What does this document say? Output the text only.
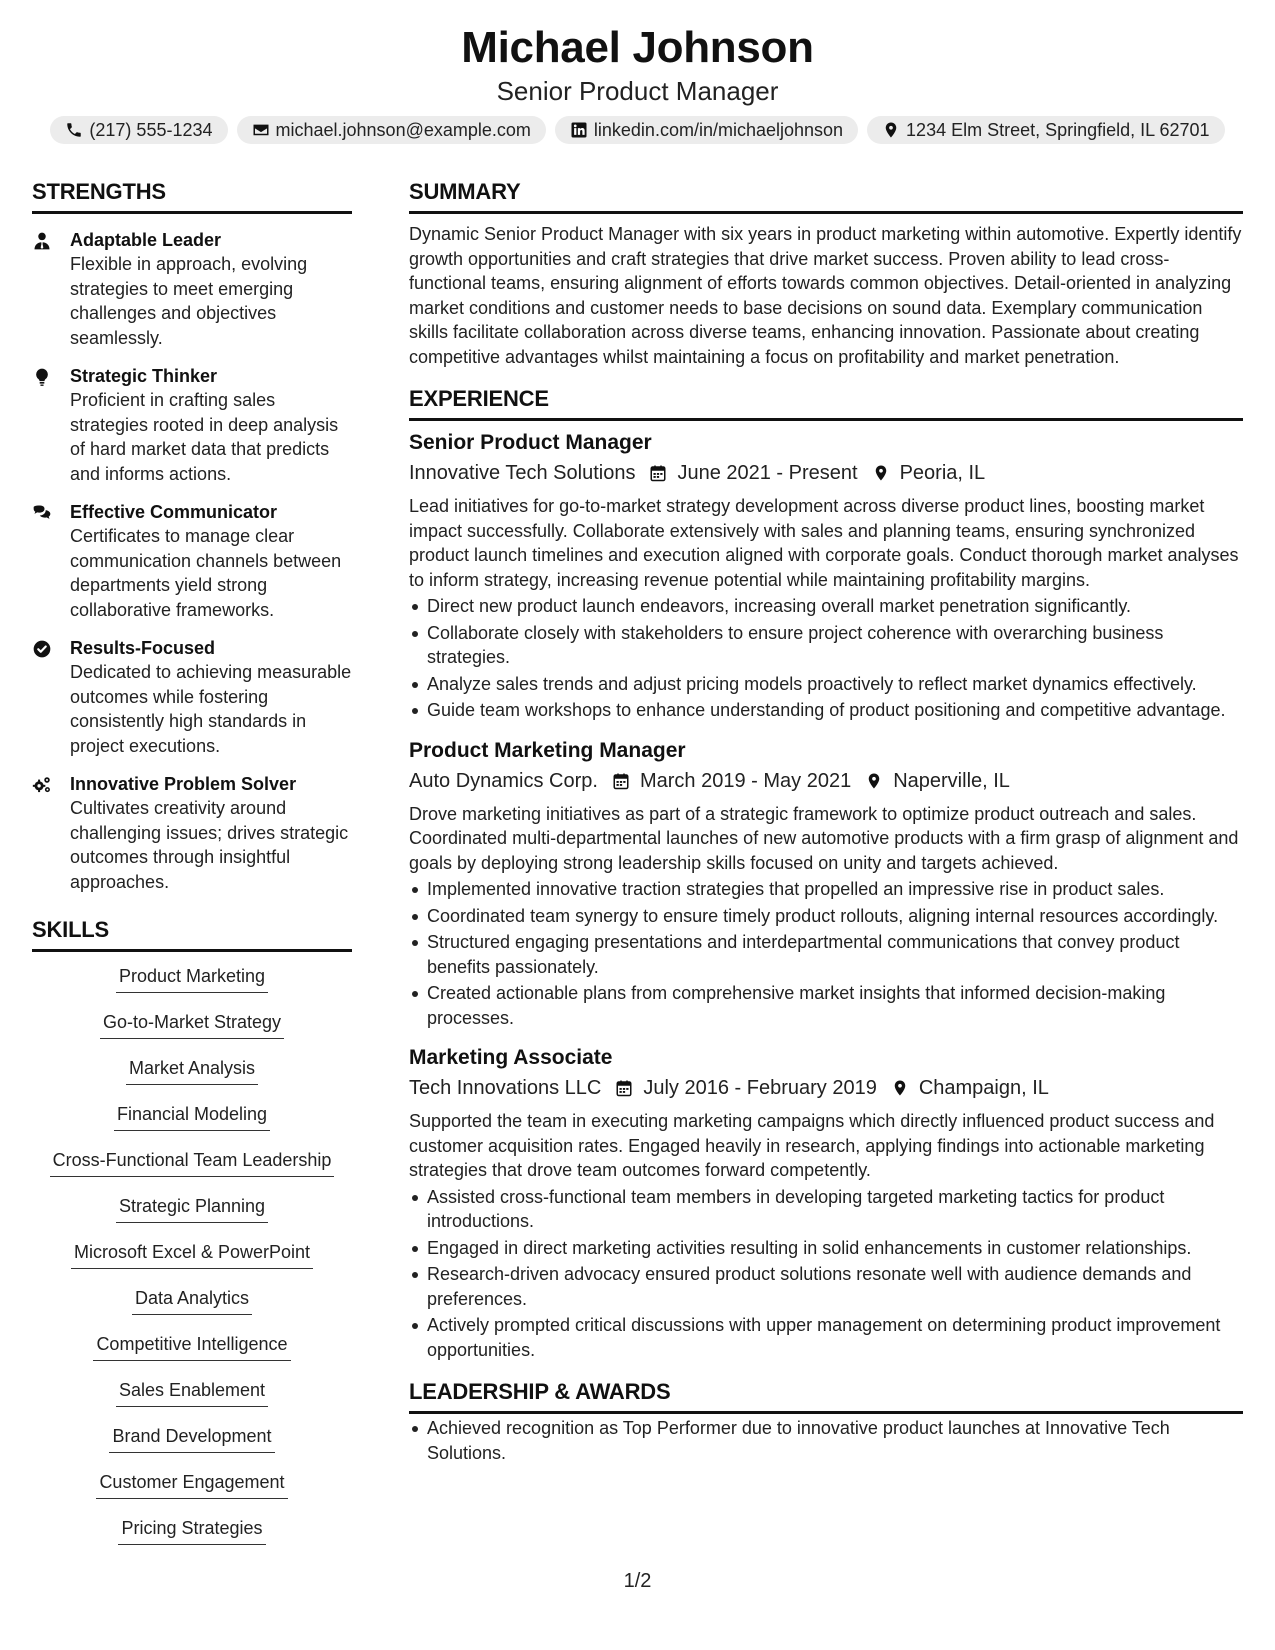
Michael Johnson
Senior Product Manager
(217) 555-1234	michael.johnson@example.com	linkedin.com/in/michaeljohnson	1234 Elm Street, Springfield, IL 62701
STRENGTHS
Adaptable Leader
Flexible in approach, evolving strategies to meet emerging challenges and objectives seamlessly.
Strategic Thinker
Proficient in crafting sales strategies rooted in deep analysis of hard market data that predicts and informs actions.
Effective Communicator
Certificates to manage clear communication channels between departments yield strong collaborative frameworks.
Results-Focused
Dedicated to achieving measurable outcomes while fostering consistently high standards in project executions.
Innovative Problem Solver
Cultivates creativity around challenging issues; drives strategic outcomes through insightful approaches.
SKILLS
Product Marketing
Go-to-Market Strategy
Market Analysis
Financial Modeling
Cross-Functional Team Leadership
Strategic Planning
Microsoft Excel & PowerPoint
Data Analytics
Competitive Intelligence
Sales Enablement
Brand Development
Customer Engagement
Pricing Strategies
SUMMARY
Dynamic Senior Product Manager with six years in product marketing within automotive. Expertly identify growth opportunities and craft strategies that drive market success. Proven ability to lead cross-functional teams, ensuring alignment of efforts towards common objectives. Detail-oriented in analyzing market conditions and customer needs to base decisions on sound data. Exemplary communication skills facilitate collaboration across diverse teams, enhancing innovation. Passionate about creating competitive advantages whilst maintaining a focus on profitability and market penetration.
EXPERIENCE
Senior Product Manager
Innovative Tech Solutions June 2021 - Present Peoria, IL
Lead initiatives for go-to-market strategy development across diverse product lines, boosting market impact successfully. Collaborate extensively with sales and planning teams, ensuring synchronized product launch timelines and execution aligned with corporate goals. Conduct thorough market analyses to inform strategy, increasing revenue potential while maintaining profitability margins.
Direct new product launch endeavors, increasing overall market penetration significantly.
Collaborate closely with stakeholders to ensure project coherence with overarching business strategies.
Analyze sales trends and adjust pricing models proactively to reflect market dynamics effectively.
Guide team workshops to enhance understanding of product positioning and competitive advantage.
Product Marketing Manager
Auto Dynamics Corp. March 2019 - May 2021 Naperville, IL
Drove marketing initiatives as part of a strategic framework to optimize product outreach and sales. Coordinated multi-departmental launches of new automotive products with a firm grasp of alignment and goals by deploying strong leadership skills focused on unity and targets achieved.
Implemented innovative traction strategies that propelled an impressive rise in product sales.
Coordinated team synergy to ensure timely product rollouts, aligning internal resources accordingly.
Structured engaging presentations and interdepartmental communications that convey product benefits passionately.
Created actionable plans from comprehensive market insights that informed decision-making processes.
Marketing Associate
Tech Innovations LLC July 2016 - February 2019 Champaign, IL
Supported the team in executing marketing campaigns which directly influenced product success and customer acquisition rates. Engaged heavily in research, applying findings into actionable marketing strategies that drove team outcomes forward competently.
Assisted cross-functional team members in developing targeted marketing tactics for product introductions.
Engaged in direct marketing activities resulting in solid enhancements in customer relationships.
Research-driven advocacy ensured product solutions resonate well with audience demands and preferences.
Actively prompted critical discussions with upper management on determining product improvement opportunities.
LEADERSHIP & AWARDS
Achieved recognition as Top Performer due to innovative product launches at Innovative Tech Solutions.
1/2
